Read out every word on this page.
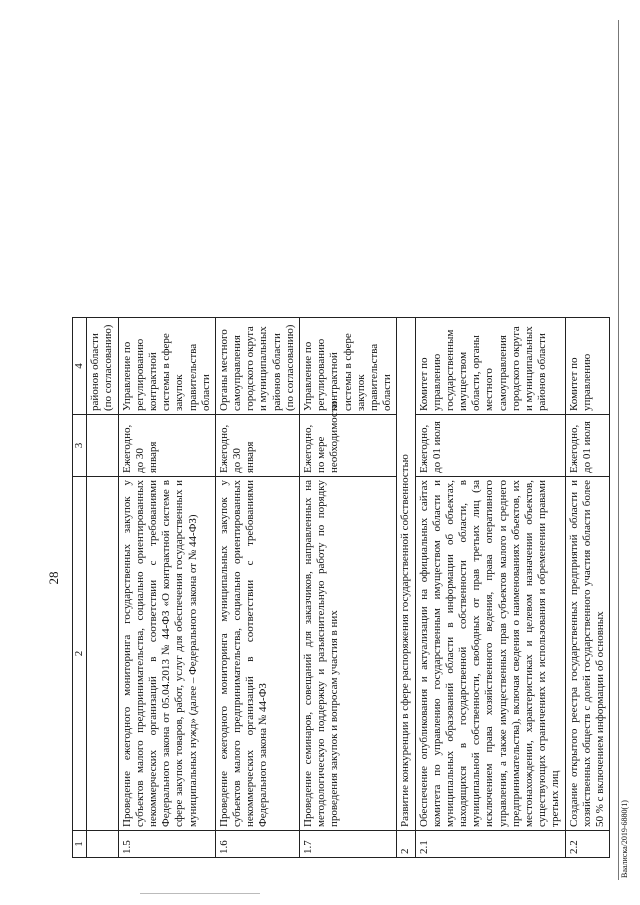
28
1	2	3	4
			районов области (по согласованию)
1.5	Проведение ежегодного мониторинга государственных закупок у субъектов малого предпринимательства, социально ориентированных некоммерческих организаций в соответствии с требованиями Федерального закона от 05.04.2013 № 44-ФЗ «О контрактной системе в сфере закупок товаров, работ, услуг для обеспечения государственных и муниципальных нужд» (далее – Федерального закона от № 44-ФЗ)	Ежегодно, до 30 января	Управление по регулированию контрактной системы в сфере закупок правительства области
1.6	Проведение ежегодного мониторинга муниципальных закупок у субъектов малого предпринимательства, социально ориентированных некоммерческих организаций в соответствии с требованиями Федерального закона № 44-ФЗ	Ежегодно, до 30 января	Органы местного самоуправления городского округа и муниципальных районов области (по согласованию)
1.7	Проведение семинаров, совещаний для заказчиков, направленных на методологическую поддержку и разъяснительную работу по порядку проведения закупок и вопросам участия в них	Ежегодно, по мере необходимости	Управление по регулированию контрактной системы в сфере закупок правительства области
2	Развитие конкуренции в сфере распоряжения государственной собственностью		
2.1	Обеспечение опубликования и актуализации на официальных сайтах комитета по управлению государственным имуществом области и муниципальных образований области в информации об объектах, находящихся в государственной собственности области, в муниципальной собственности, свободных от прав третьих лиц (за исключением права хозяйственного ведения, права оперативного управления, а также имущественных прав субъектов малого и среднего предпринимательства), включая сведения о наименованиях объектов, их местонахождении, характеристиках и целевом назначении объектов, существующих ограничениях их использования и обременении правами третьих лиц	Ежегодно, до 01 июля	Комитет по управлению государственным имуществом области, органы местного самоуправления городского округа и муниципальных районов области
2.2	Создание открытого реестра государственных предприятий области и хозяйственных обществ с долей государственного участия области более 50 % с включением информации об основных	Ежегодно, до 01 июля	Комитет по управлению
Ваалиска/2019-6880(1)
